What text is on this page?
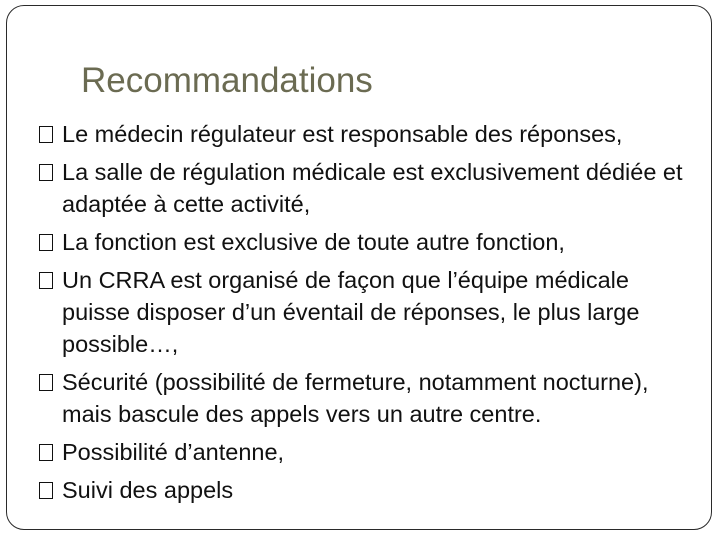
Recommandations
Le médecin régulateur est responsable des réponses,
La salle de régulation médicale est exclusivement dédiée et adaptée à cette activité,
La fonction est exclusive de toute autre fonction,
Un CRRA est organisé de façon que l’équipe médicale puisse disposer d’un éventail de réponses, le plus large possible…,
Sécurité (possibilité de fermeture, notamment nocturne), mais bascule des appels vers un autre centre.
Possibilité d’antenne,
Suivi des appels
